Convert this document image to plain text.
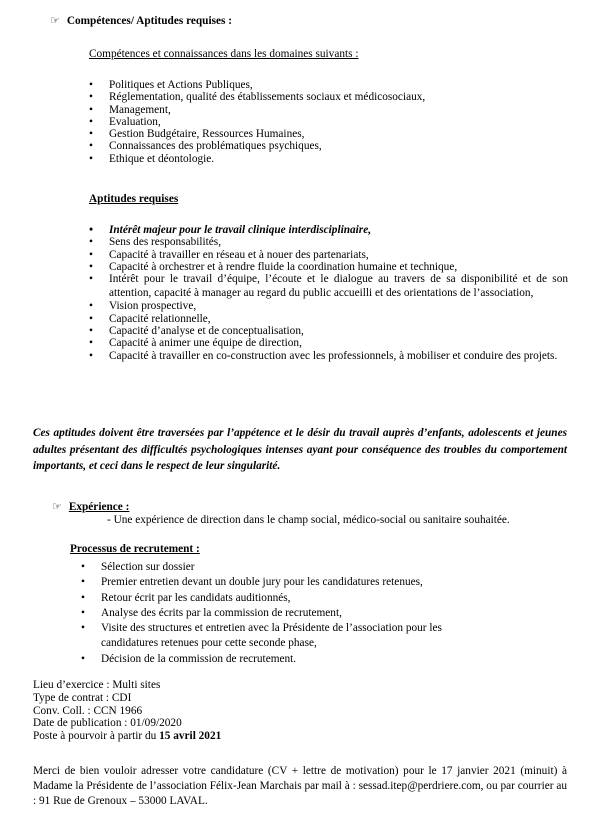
☞ Compétences/ Aptitudes requises :
Compétences et connaissances dans les domaines suivants :
• Politiques et Actions Publiques,
• Réglementation, qualité des établissements sociaux et médicosociaux,
• Management,
• Evaluation,
• Gestion Budgétaire, Ressources Humaines,
• Connaissances des problématiques psychiques,
• Ethique et déontologie.
Aptitudes requises
• Intérêt majeur pour le travail clinique interdisciplinaire,
• Sens des responsabilités,
• Capacité à travailler en réseau et à nouer des partenariats,
• Capacité à orchestrer et à rendre fluide la coordination humaine et technique,
• Intérêt pour le travail d’équipe, l’écoute et le dialogue au travers de sa disponibilité et de son attention, capacité à manager au regard du public accueilli et des orientations de l’association,
• Vision prospective,
• Capacité relationnelle,
• Capacité d’analyse et de conceptualisation,
• Capacité à animer une équipe de direction,
• Capacité à travailler en co-construction avec les professionnels, à mobiliser et conduire des projets.
Ces aptitudes doivent être traversées par l’appétence et le désir du travail auprès d’enfants, adolescents et jeunes adultes présentant des difficultés psychologiques intenses ayant pour conséquence des troubles du comportement importants, et ceci dans le respect de leur singularité.
☞ Expérience :
- Une expérience de direction dans le champ social, médico-social ou sanitaire souhaitée.
Processus de recrutement :
• Sélection sur dossier
• Premier entretien devant un double jury pour les candidatures retenues,
• Retour écrit par les candidats auditionnés,
• Analyse des écrits par la commission de recrutement,
• Visite des structures et entretien avec la Présidente de l’association pour les candidatures retenues pour cette seconde phase,
• Décision de la commission de recrutement.
Lieu d’exercice : Multi sites
Type de contrat : CDI
Conv. Coll. : CCN 1966
Date de publication : 01/09/2020
Poste à pourvoir à partir du 15 avril 2021
Merci de bien vouloir adresser votre candidature (CV + lettre de motivation) pour le 17 janvier 2021 (minuit) à Madame la Présidente de l’association Félix-Jean Marchais par mail à : sessad.itep@perdriere.com, ou par courrier au : 91 Rue de Grenoux – 53000 LAVAL.
